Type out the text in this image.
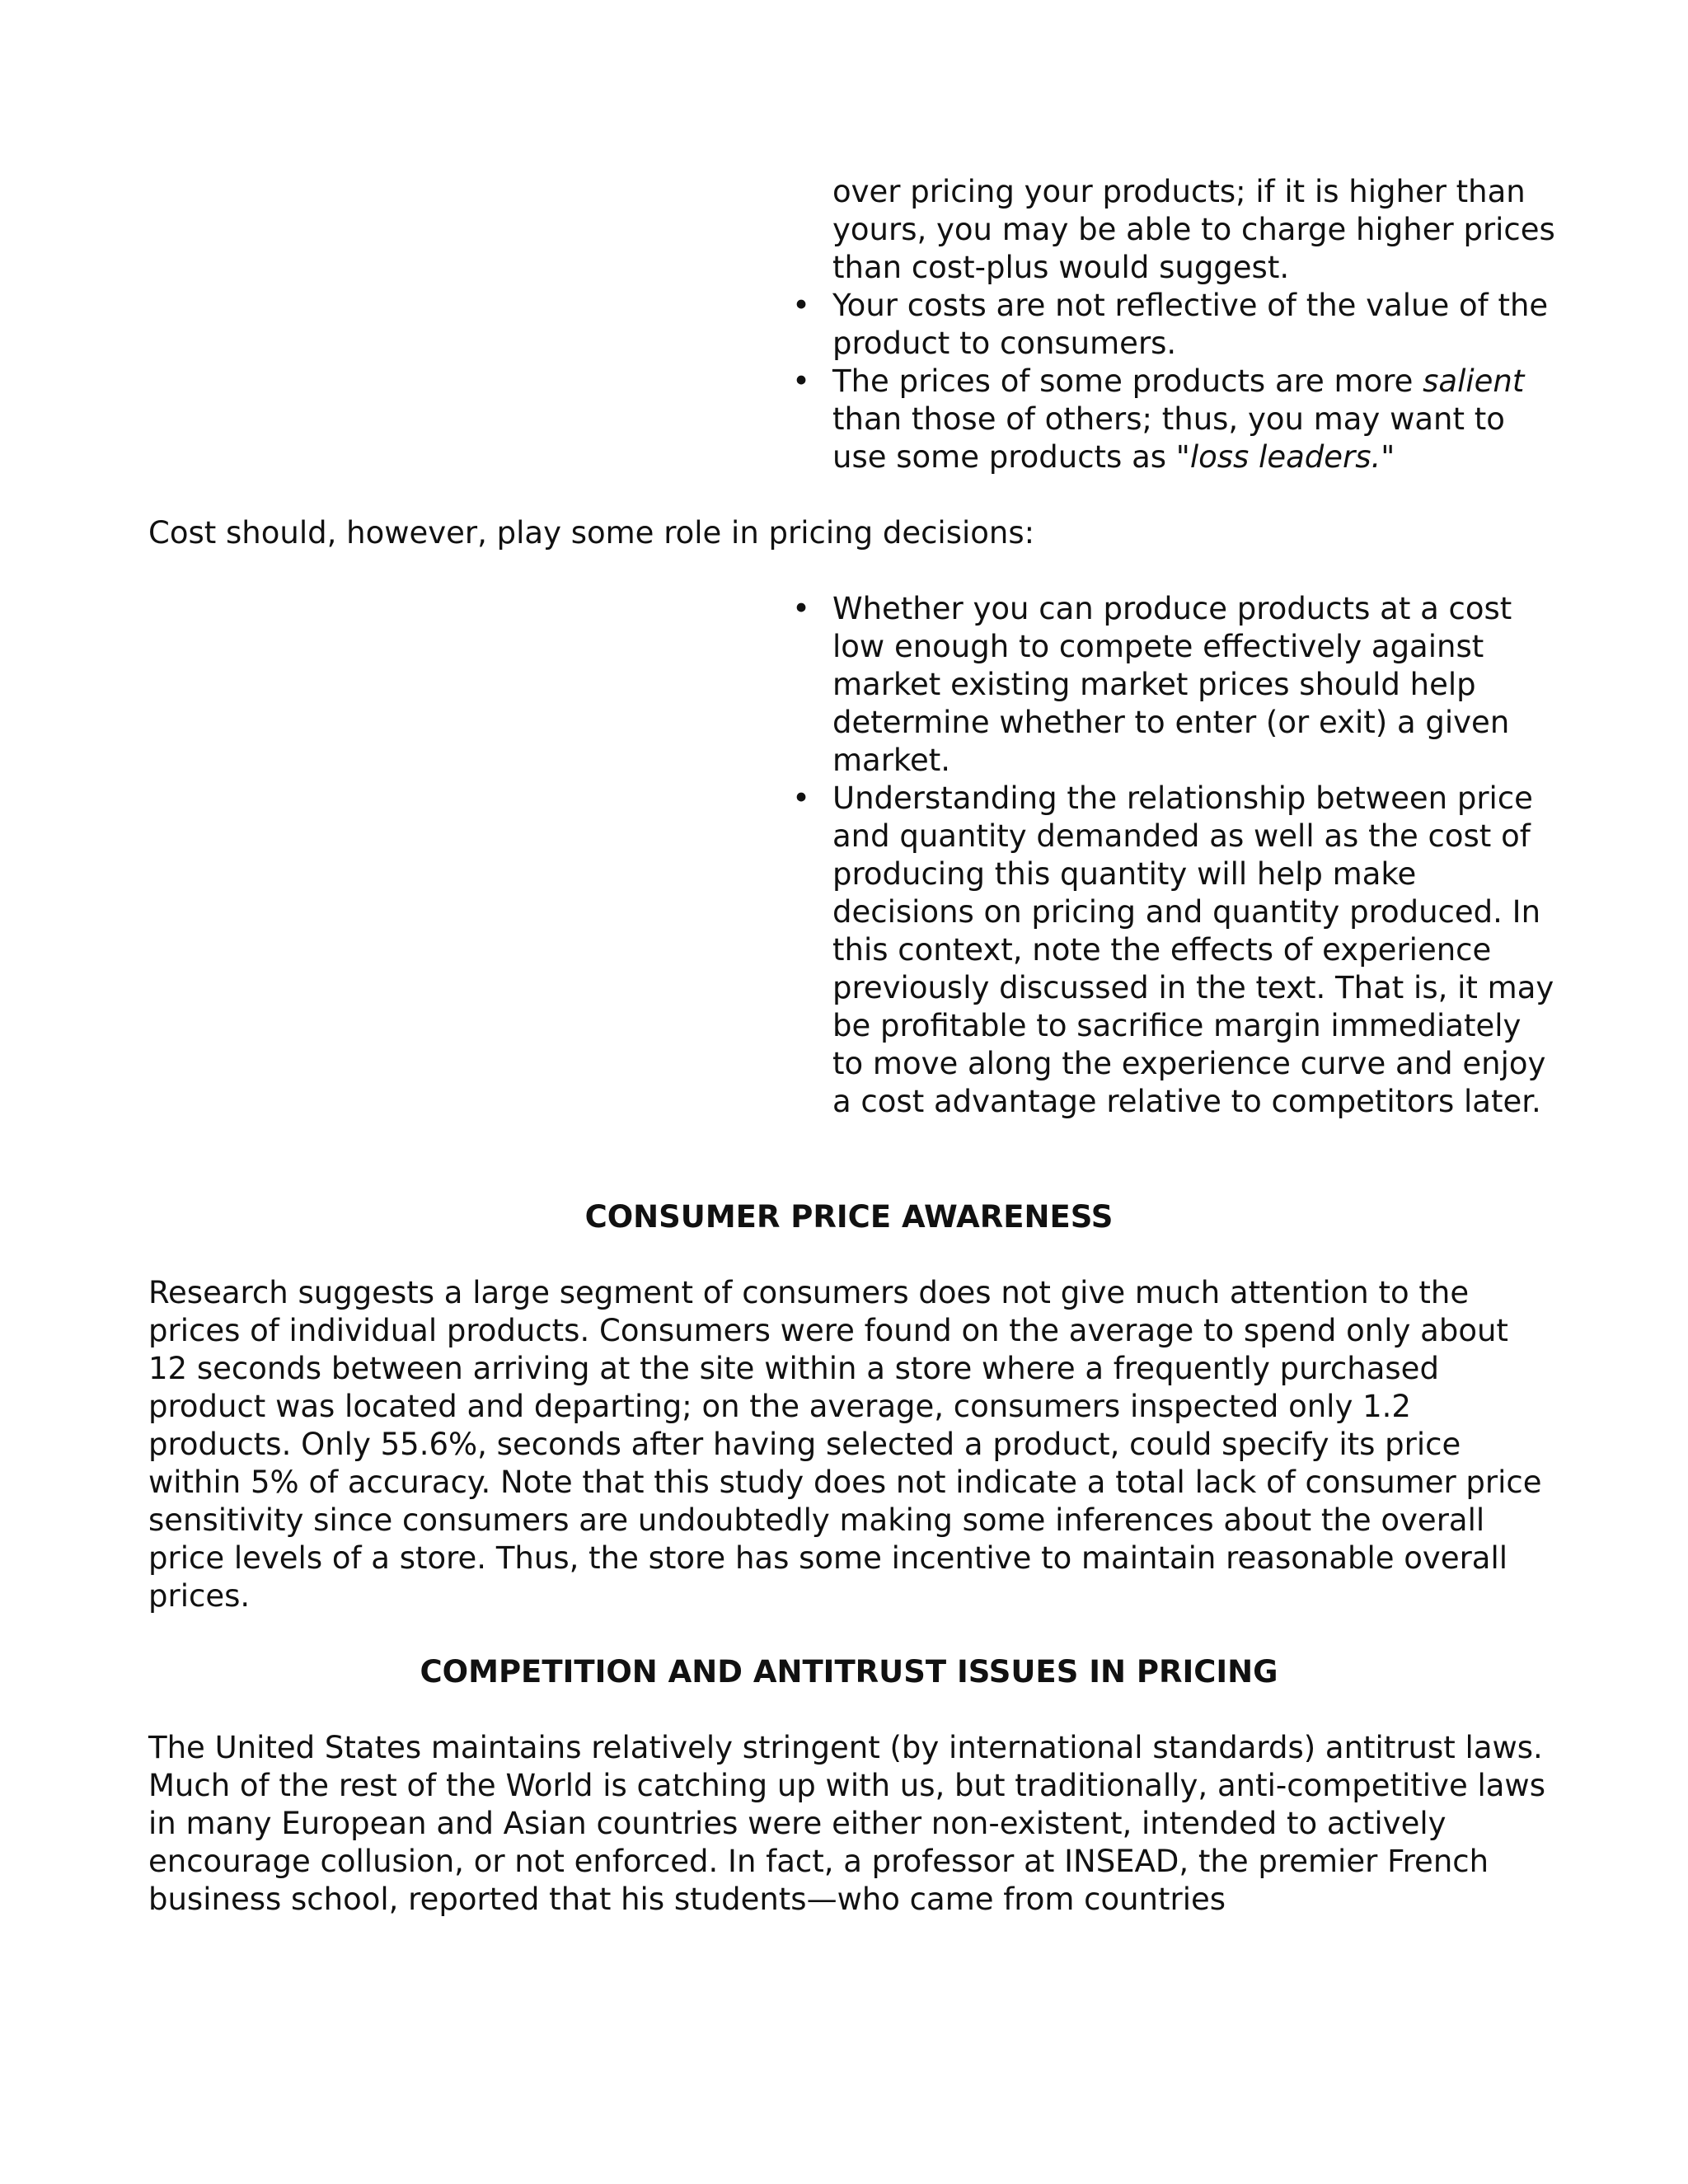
over pricing your products; if it is higher than yours, you may be able to charge higher prices than cost-plus would suggest.
• Your costs are not reflective of the value of the product to consumers.
• The prices of some products are more salient than those of others; thus, you may want to use some products as "loss leaders."

Cost should, however, play some role in pricing decisions:

• Whether you can produce products at a cost low enough to compete effectively against market existing market prices should help determine whether to enter (or exit) a given market.
• Understanding the relationship between price and quantity demanded as well as the cost of producing this quantity will help make decisions on pricing and quantity produced. In this context, note the effects of experience previously discussed in the text. That is, it may be profitable to sacrifice margin immediately to move along the experience curve and enjoy a cost advantage relative to competitors later.
CONSUMER PRICE AWARENESS

Research suggests a large segment of consumers does not give much attention to the prices of individual products. Consumers were found on the average to spend only about 12 seconds between arriving at the site within a store where a frequently purchased product was located and departing; on the average, consumers inspected only 1.2 products. Only 55.6%, seconds after having selected a product, could specify its price within 5% of accuracy. Note that this study does not indicate a total lack of consumer price sensitivity since consumers are undoubtedly making some inferences about the overall price levels of a store. Thus, the store has some incentive to maintain reasonable overall prices.

COMPETITION AND ANTITRUST ISSUES IN PRICING

The United States maintains relatively stringent (by international standards) antitrust laws. Much of the rest of the World is catching up with us, but traditionally, anti-competitive laws in many European and Asian countries were either non-existent, intended to actively encourage collusion, or not enforced. In fact, a professor at INSEAD, the premier French business school, reported that his students—who came from countries
